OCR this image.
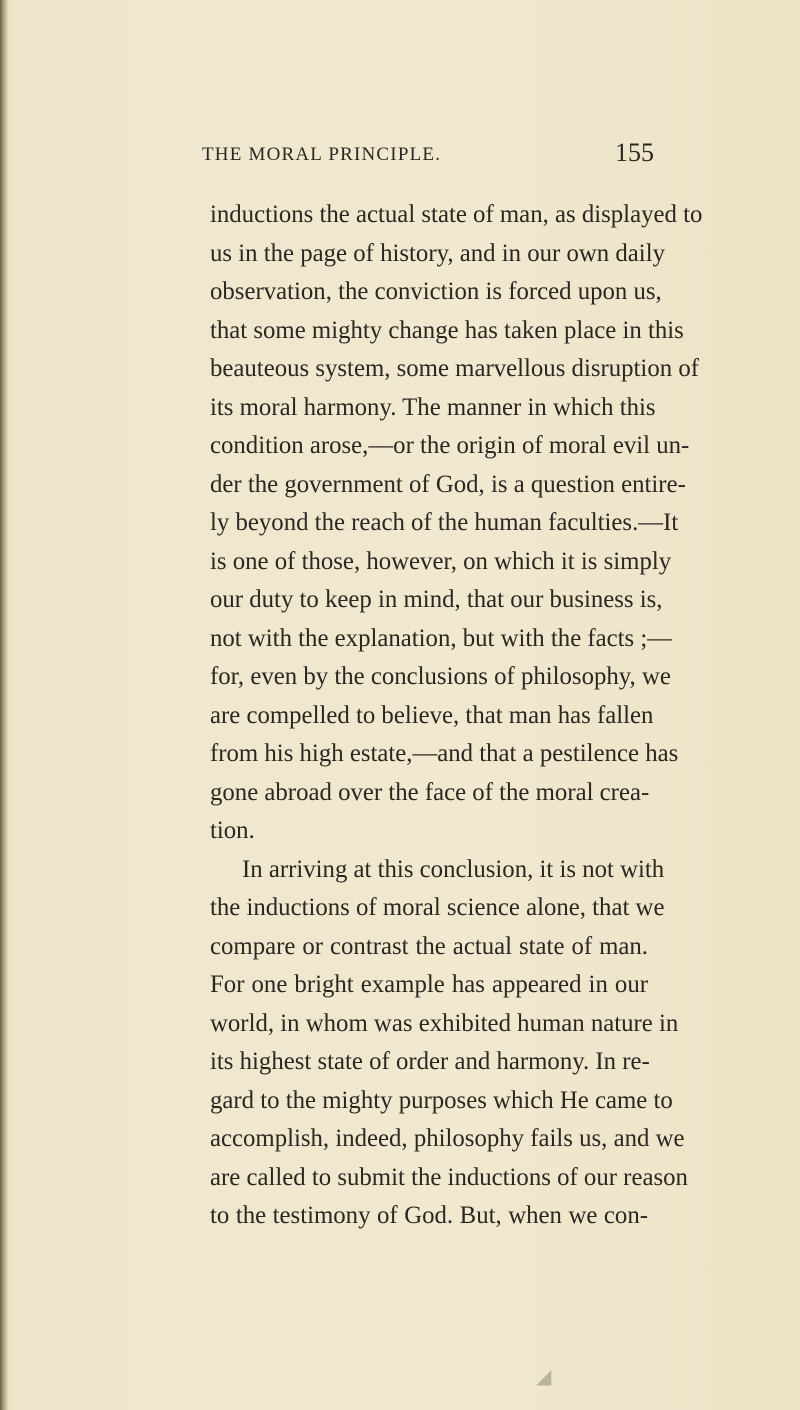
THE MORAL PRINCIPLE.	155
inductions the actual state of man, as displayed to
us in the page of history, and in our own daily
observation, the conviction is forced upon us,
that some mighty change has taken place in this
beauteous system, some marvellous disruption of
its moral harmony. The manner in which this
condition arose,—or the origin of moral evil un-
der the government of God, is a question entire-
ly beyond the reach of the human faculties.—It
is one of those, however, on which it is simply
our duty to keep in mind, that our business is,
not with the explanation, but with the facts ;—
for, even by the conclusions of philosophy, we
are compelled to believe, that man has fallen
from his high estate,—and that a pestilence has
gone abroad over the face of the moral crea-
tion.
In arriving at this conclusion, it is not with
the inductions of moral science alone, that we
compare or contrast the actual state of man.
For one bright example has appeared in our
world, in whom was exhibited human nature in
its highest state of order and harmony. In re-
gard to the mighty purposes which He came to
accomplish, indeed, philosophy fails us, and we
are called to submit the inductions of our reason
to the testimony of God. But, when we con-
◢
